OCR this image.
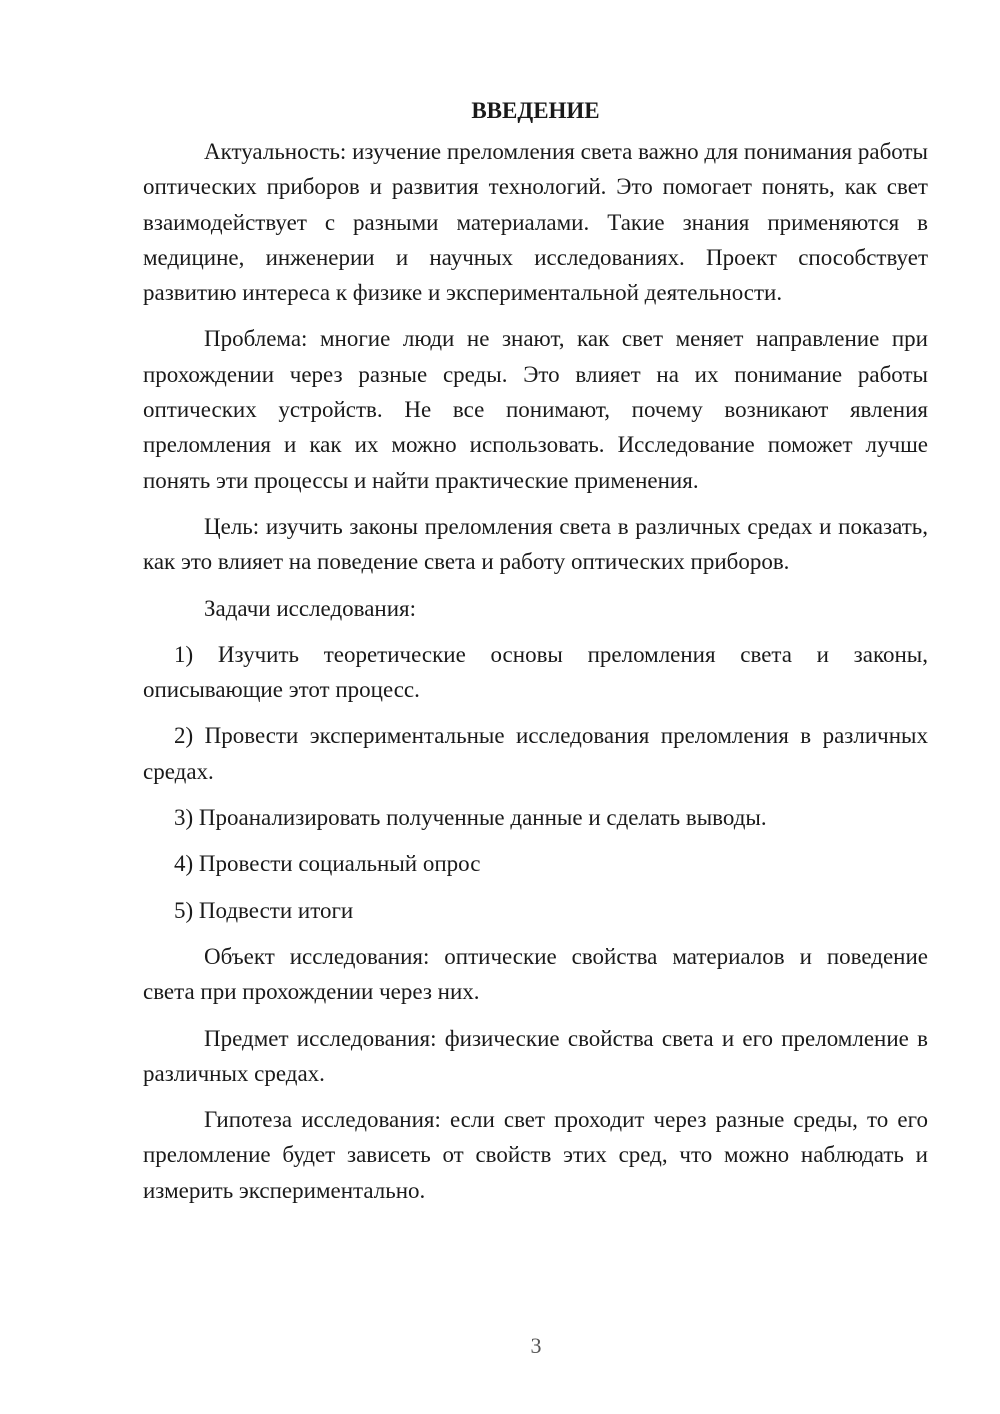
ВВЕДЕНИЕ

Актуальность: изучение преломления света важно для понимания работы оптических приборов и развития технологий. Это помогает понять, как свет взаимодействует с разными материалами. Такие знания применяются в медицине, инженерии и научных исследованиях. Проект способствует развитию интереса к физике и экспериментальной деятельности.

Проблема: многие люди не знают, как свет меняет направление при прохождении через разные среды. Это влияет на их понимание работы оптических устройств. Не все понимают, почему возникают явления преломления и как их можно использовать. Исследование поможет лучше понять эти процессы и найти практические применения.

Цель: изучить законы преломления света в различных средах и показать, как это влияет на поведение света и работу оптических приборов.

Задачи исследования:

1) Изучить теоретические основы преломления света и законы, описывающие этот процесс.

2) Провести экспериментальные исследования преломления в различных средах.

3) Проанализировать полученные данные и сделать выводы.

4) Провести социальный опрос

5) Подвести итоги

Объект исследования: оптические свойства материалов и поведение света при прохождении через них.

Предмет исследования: физические свойства света и его преломление в различных средах.

Гипотеза исследования: если свет проходит через разные среды, то его преломление будет зависеть от свойств этих сред, что можно наблюдать и измерить экспериментально.

3
